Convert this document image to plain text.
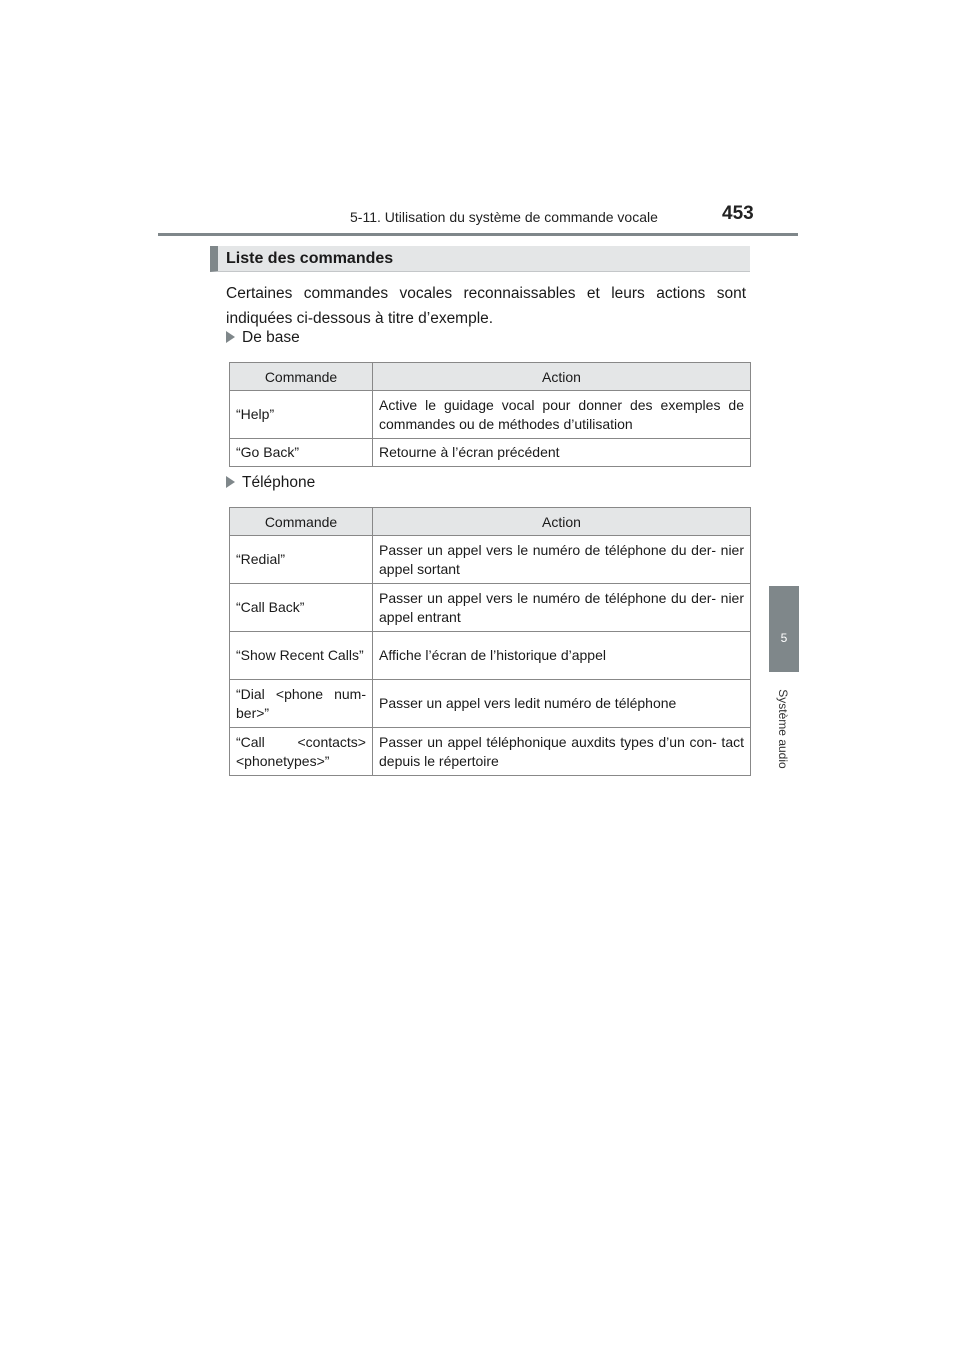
5-11. Utilisation du système de commande vocale	453
5
Système audio
Liste des commandes
Certaines commandes vocales reconnaissables et leurs actions sont indiquées ci-dessous à titre d’exemple.
De base
Commande	Action
“Help”	Active le guidage vocal pour donner des exemples de commandes ou de méthodes d’utilisation
“Go Back”	Retourne à l’écran précédent
Téléphone
Commande	Action
“Redial”	Passer un appel vers le numéro de téléphone du der- nier appel sortant
“Call Back”	Passer un appel vers le numéro de téléphone du der- nier appel entrant
“Show Recent Calls”	Affiche l’écran de l’historique d’appel
“Dial <phone num- ber>”	Passer un appel vers ledit numéro de téléphone
“Call <contacts> <phonetypes>”	Passer un appel téléphonique auxdits types d’un con- tact depuis le répertoire
